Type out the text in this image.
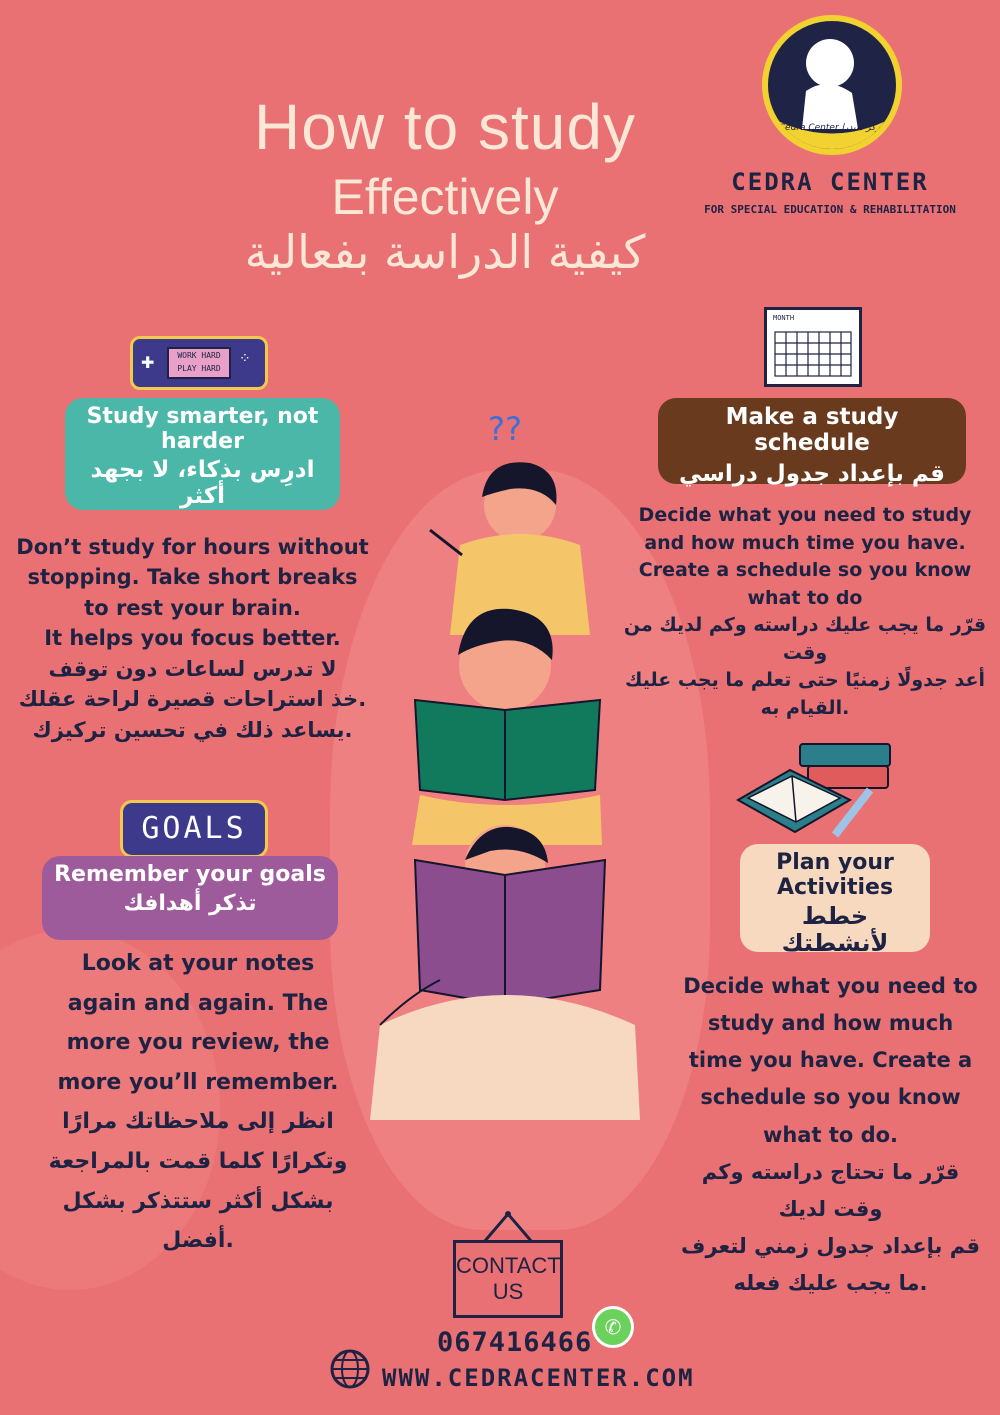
How to study
Effectively
كيفية الدراسة بفعالية
Cedra Center مركز سيدرا
CEDRA CENTER
FOR SPECIAL EDUCATION & REHABILITATION
✚	WORK HARD
PLAY HARD
⁘
Study smarter, not harder
ادرِس بذكاء، لا بجهد أكثر
Don’t study for hours without stopping. Take short breaks to rest your brain.
It helps you focus better.
لا تدرس لساعات دون توقف
خذ استراحات قصيرة لراحة عقلك.
يساعد ذلك في تحسين تركيزك.
MONTH
Make a study schedule
قم بإعداد جدول دراسي
Decide what you need to study and how much time you have. Create a schedule so you know what to do
قرّر ما يجب عليك دراسته وكم لديك من وقت
أعد جدولًا زمنيًا حتى تعلم ما يجب عليك القيام به.
??
GOALS
Remember your goals
تذكر أهدافك
Look at your notes again and again. The more you review, the more you’ll remember.
انظر إلى ملاحظاتك مرارًا وتكرارًا كلما قمت بالمراجعة بشكل أكثر ستتذكر بشكل أفضل.
Plan your Activities
خطط لأنشطتك
Decide what you need to study and how much time you have. Create a schedule so you know what to do.
قرّر ما تحتاج دراسته وكم وقت لديك
قم بإعداد جدول زمني لتعرف ما يجب عليك فعله.
CONTACT US
✆
067416466
WWW.CEDRACENTER.COM
